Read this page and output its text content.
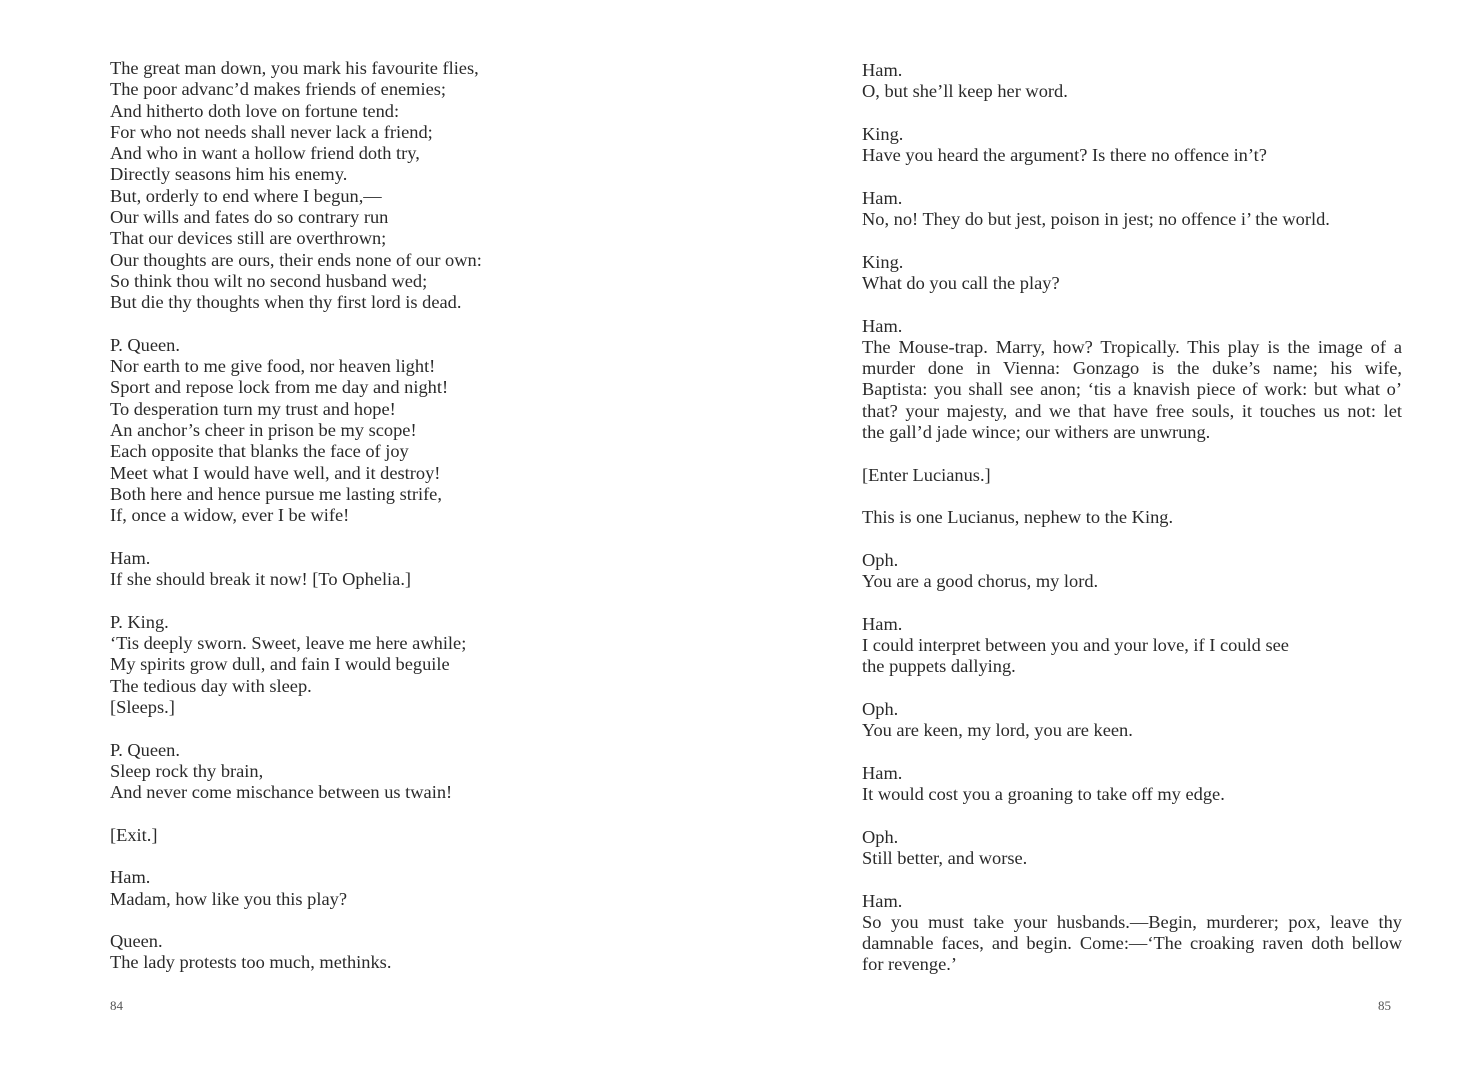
The great man down, you mark his favourite flies,

The poor advanc’d makes friends of enemies;

And hitherto doth love on fortune tend:

For who not needs shall never lack a friend;

And who in want a hollow friend doth try,

Directly seasons him his enemy.

But, orderly to end where I begun,—

Our wills and fates do so contrary run

That our devices still are overthrown;

Our thoughts are ours, their ends none of our own:

So think thou wilt no second husband wed;

But die thy thoughts when thy first lord is dead.

P. Queen.

Nor earth to me give food, nor heaven light!

Sport and repose lock from me day and night!

To desperation turn my trust and hope!

An anchor’s cheer in prison be my scope!

Each opposite that blanks the face of joy

Meet what I would have well, and it destroy!

Both here and hence pursue me lasting strife,

If, once a widow, ever I be wife!

Ham.

If she should break it now! [To Ophelia.]

P. King.

‘Tis deeply sworn. Sweet, leave me here awhile;

My spirits grow dull, and fain I would beguile

The tedious day with sleep.

[Sleeps.]

P. Queen.

Sleep rock thy brain,

And never come mischance between us twain!

[Exit.]

Ham.

Madam, how like you this play?

Queen.

The lady protests too much, methinks.

84

Ham.

O, but she’ll keep her word.

King.

Have you heard the argument? Is there no offence in’t?

Ham.

No, no! They do but jest, poison in jest; no offence i’ the world.

King.

What do you call the play?

Ham.

The Mouse-trap. Marry, how? Tropically. This play is the image of a

murder done in Vienna: Gonzago is the duke’s name; his wife,

Baptista: you shall see anon; ‘tis a knavish piece of work: but what o’

that? your majesty, and we that have free souls, it touches us not: let

the gall’d jade wince; our withers are unwrung.

[Enter Lucianus.]

This is one Lucianus, nephew to the King.

Oph.

You are a good chorus, my lord.

Ham.

I could interpret between you and your love, if I could see

the puppets dallying.

Oph.

You are keen, my lord, you are keen.

Ham.

It would cost you a groaning to take off my edge.

Oph.

Still better, and worse.

Ham.

So you must take your husbands.—Begin, murderer; pox, leave thy

damnable faces, and begin. Come:—‘The croaking raven doth bellow

for revenge.’

85
